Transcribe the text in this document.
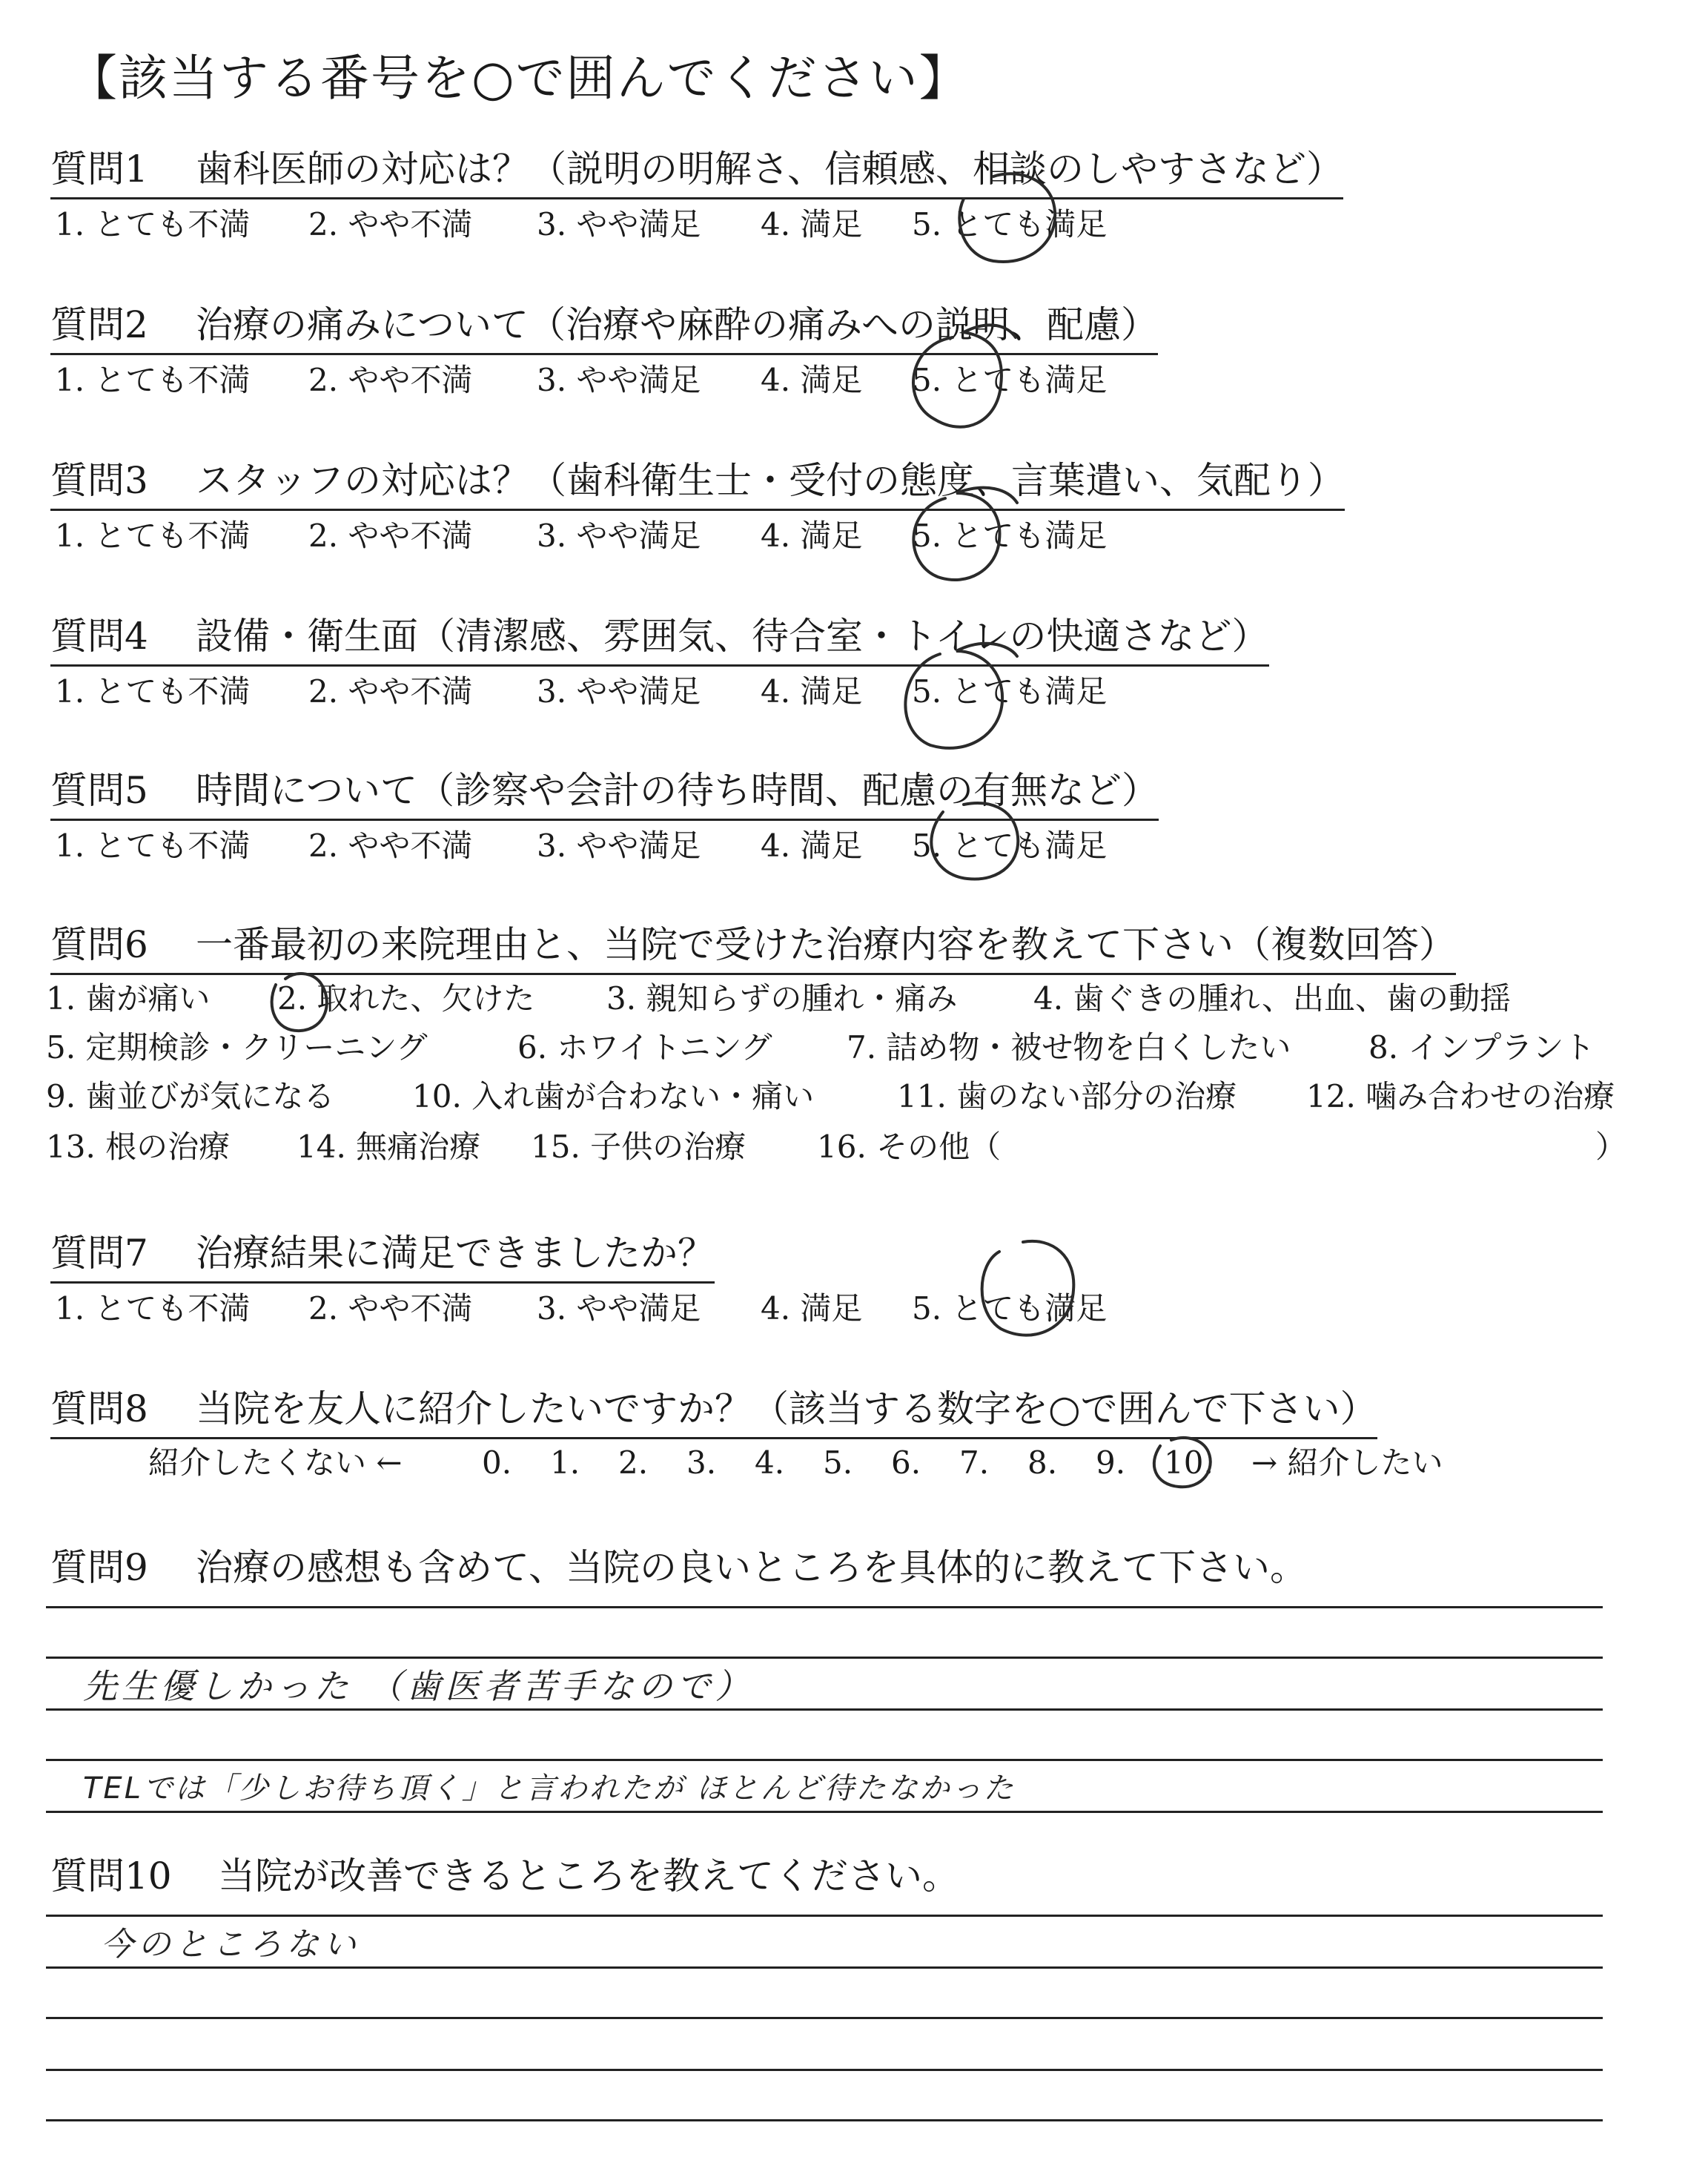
【該当する番号を○で囲んでください】
質問1 歯科医師の対応は？（説明の明解さ、信頼感、相談のしやすさなど）
1. とても不満 2. やや不満 3. やや満足 4. 満足 5. とても満足
質問2 治療の痛みについて（治療や麻酔の痛みへの説明、配慮）
1. とても不満 2. やや不満 3. やや満足 4. 満足 5. とても満足
質問3 スタッフの対応は？（歯科衛生士・受付の態度、言葉遣い、気配り）
1. とても不満 2. やや不満 3. やや満足 4. 満足 5. とても満足
質問4 設備・衛生面（清潔感、雰囲気、待合室・トイレの快適さなど）
1. とても不満 2. やや不満 3. やや満足 4. 満足 5. とても満足
質問5 時間について（診察や会計の待ち時間、配慮の有無など）
1. とても不満 2. やや不満 3. やや満足 4. 満足 5. とても満足
質問6 一番最初の来院理由と、当院で受けた治療内容を教えて下さい（複数回答）
1. 歯が痛い 2. 取れた、欠けた 3. 親知らずの腫れ・痛み 4. 歯ぐきの腫れ、出血、歯の動揺
5. 定期検診・クリーニング	6. ホワイトニング 7. 詰め物・被せ物を白くしたい 8. インプラント
9. 歯並びが気になる 10. 入れ歯が合わない・痛い	11. 歯のない部分の治療 12. 噛み合わせの治療
13. 根の治療 14. 無痛治療 15. 子供の治療 16. その他（	）
質問7 治療結果に満足できましたか？
1. とても不満 2. やや不満 3. やや満足 4. 満足 5. とても満足
質問8 当院を友人に紹介したいですか？（該当する数字を○で囲んで下さい）
紹介したくない ←	0. 1. 2. 3. 4. 5. 6. 7. 8. 9. 10. → 紹介したい
質問9 治療の感想も含めて、当院の良いところを具体的に教えて下さい。
先生優しかった （歯医者苦手なので）
TELでは「少しお待ち頂く」と言われたが ほとんど待たなかった
質問10 当院が改善できるところを教えてください。
今のところない
